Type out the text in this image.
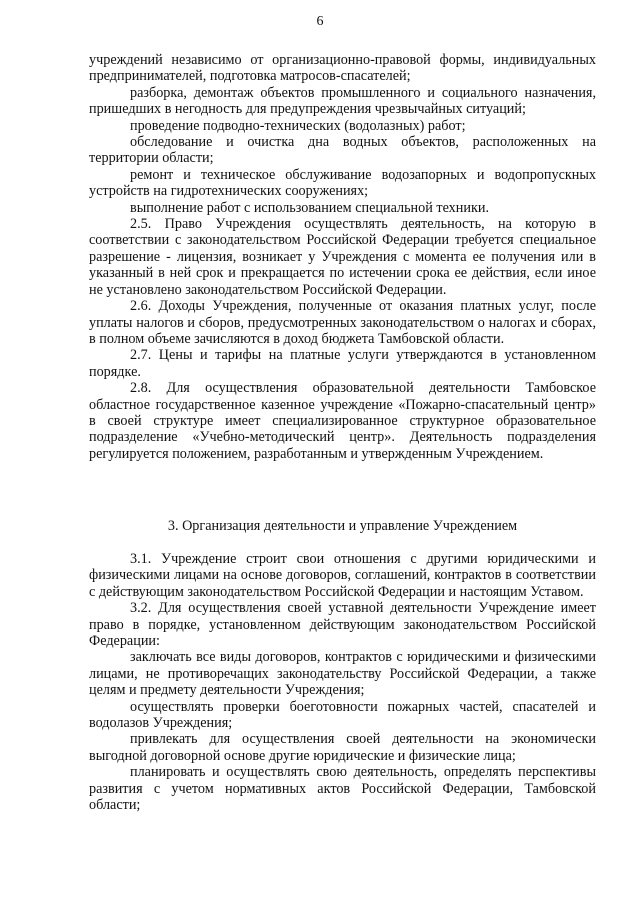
6

учреждений независимо от организационно-правовой формы, индивидуальных предпринимателей, подготовка матросов-спасателей;

разборка, демонтаж объектов промышленного и социального назначения, пришедших в негодность для предупреждения чрезвычайных ситуаций;

проведение подводно-технических (водолазных) работ;

обследование и очистка дна водных объектов, расположенных на территории области;

ремонт и техническое обслуживание водозапорных и водопропускных устройств на гидротехнических сооружениях;

выполнение работ с использованием специальной техники.

2.5. Право Учреждения осуществлять деятельность, на которую в соответствии с законодательством Российской Федерации требуется специальное разрешение - лицензия, возникает у Учреждения с момента ее получения или в указанный в ней срок и прекращается по истечении срока ее действия, если иное не установлено законодательством Российской Федерации.

2.6. Доходы Учреждения, полученные от оказания платных услуг, после уплаты налогов и сборов, предусмотренных законодательством о налогах и сборах, в полном объеме зачисляются в доход бюджета Тамбовской области.

2.7. Цены и тарифы на платные услуги утверждаются в установленном порядке.

2.8. Для осуществления образовательной деятельности Тамбовское областное государственное казенное учреждение «Пожарно-спасательный центр» в своей структуре имеет специализированное структурное образовательное подразделение «Учебно-методический центр». Деятельность подразделения регулируется положением, разработанным и утвержденным Учреждением.

3. Организация деятельности и управление Учреждением

3.1. Учреждение строит свои отношения с другими юридическими и физическими лицами на основе договоров, соглашений, контрактов в соответствии с действующим законодательством Российской Федерации и настоящим Уставом.

3.2. Для осуществления своей уставной деятельности Учреждение имеет право в порядке, установленном действующим законодательством Российской Федерации:

заключать все виды договоров, контрактов с юридическими и физическими лицами, не противоречащих законодательству Российской Федерации, а также целям и предмету деятельности Учреждения;

осуществлять проверки боеготовности пожарных частей, спасателей и водолазов Учреждения;

привлекать для осуществления своей деятельности на экономически выгодной договорной основе другие юридические и физические лица;

планировать и осуществлять свою деятельность, определять перспективы развития с учетом нормативных актов Российской Федерации, Тамбовской области;
